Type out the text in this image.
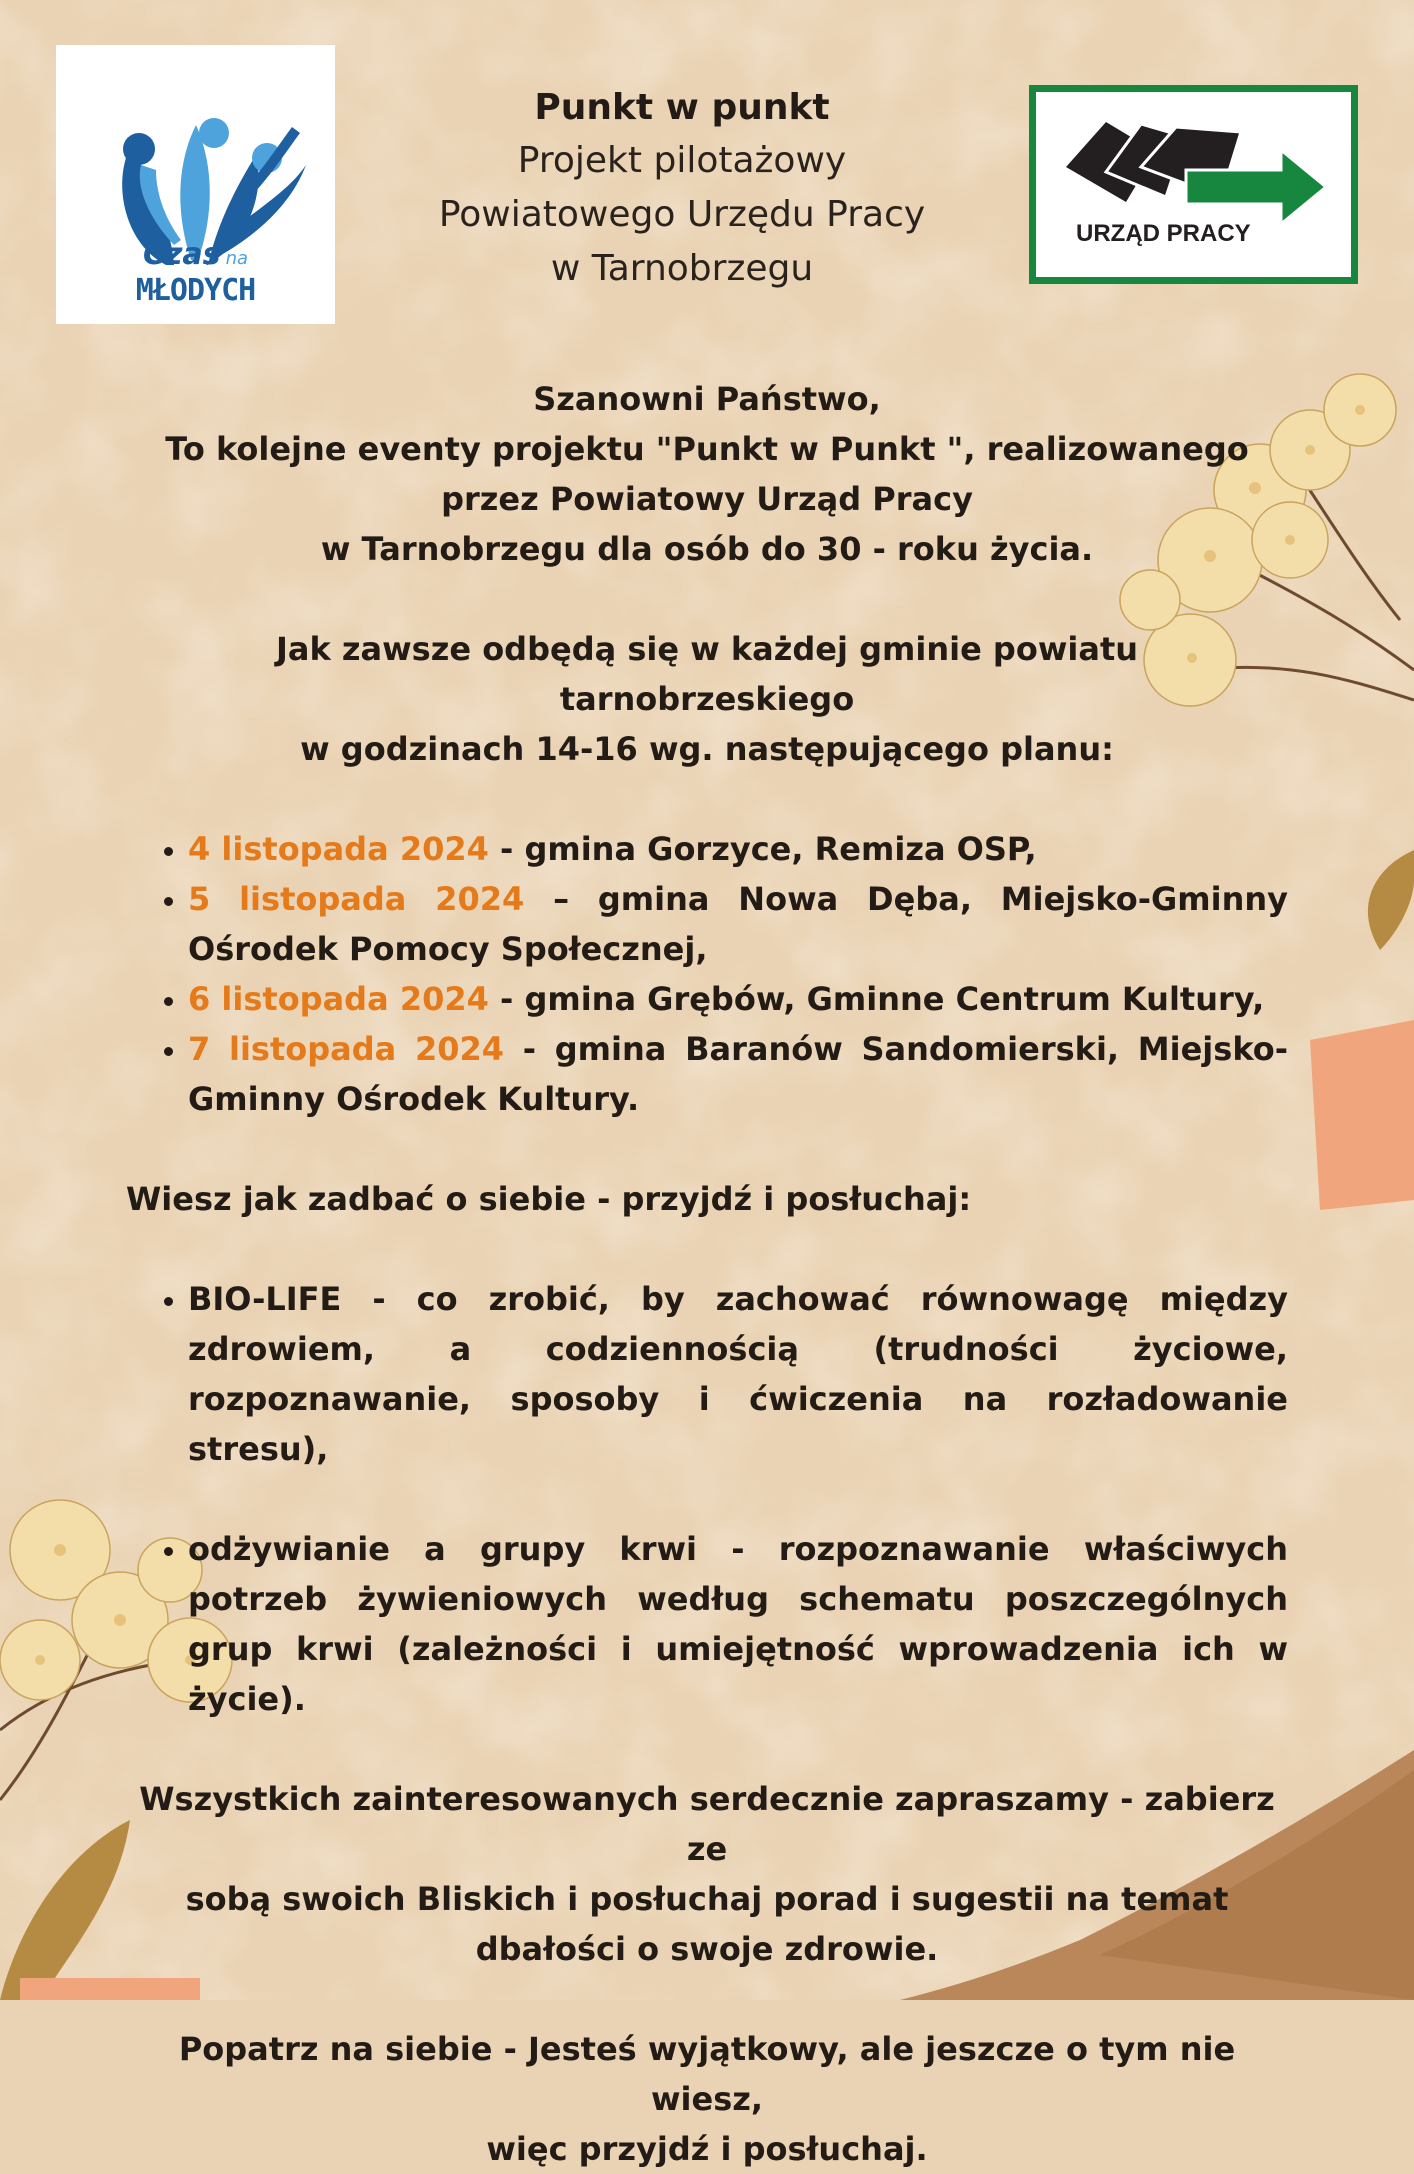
Czas na
MŁODYCH
Punkt w punkt
Projekt pilotażowy
Powiatowego Urzędu Pracy
w Tarnobrzegu
URZĄD PRACY
Szanowni Państwo,
To kolejne eventy projektu "Punkt w Punkt ", realizowanego
przez Powiatowy Urząd Pracy
w Tarnobrzegu dla osób do 30 - roku życia.
Jak zawsze odbędą się w każdej gminie powiatu tarnobrzeskiego
w godzinach 14-16 wg. następującego planu:
• 4 listopada 2024 - gmina Gorzyce, Remiza OSP,
• 5 listopada 2024 – gmina Nowa Dęba, Miejsko-Gminny Ośrodek Pomocy Społecznej,
• 6 listopada 2024 - gmina Grębów, Gminne Centrum Kultury,
• 7 listopada 2024 - gmina Baranów Sandomierski, Miejsko-Gminny Ośrodek Kultury.
Wiesz jak zadbać o siebie - przyjdź i posłuchaj:
• BIO-LIFE - co zrobić, by zachować równowagę między zdrowiem, a codziennością (trudności życiowe, rozpoznawanie, sposoby i ćwiczenia na rozładowanie stresu),
• odżywianie a grupy krwi - rozpoznawanie właściwych potrzeb żywieniowych według schematu poszczególnych grup krwi (zależności i umiejętność wprowadzenia ich w życie).
Wszystkich zainteresowanych serdecznie zapraszamy - zabierz ze
sobą swoich Bliskich i posłuchaj porad i sugestii na temat
dbałości o swoje zdrowie.
Popatrz na siebie - Jesteś wyjątkowy, ale jeszcze o tym nie wiesz,
więc przyjdź i posłuchaj.
